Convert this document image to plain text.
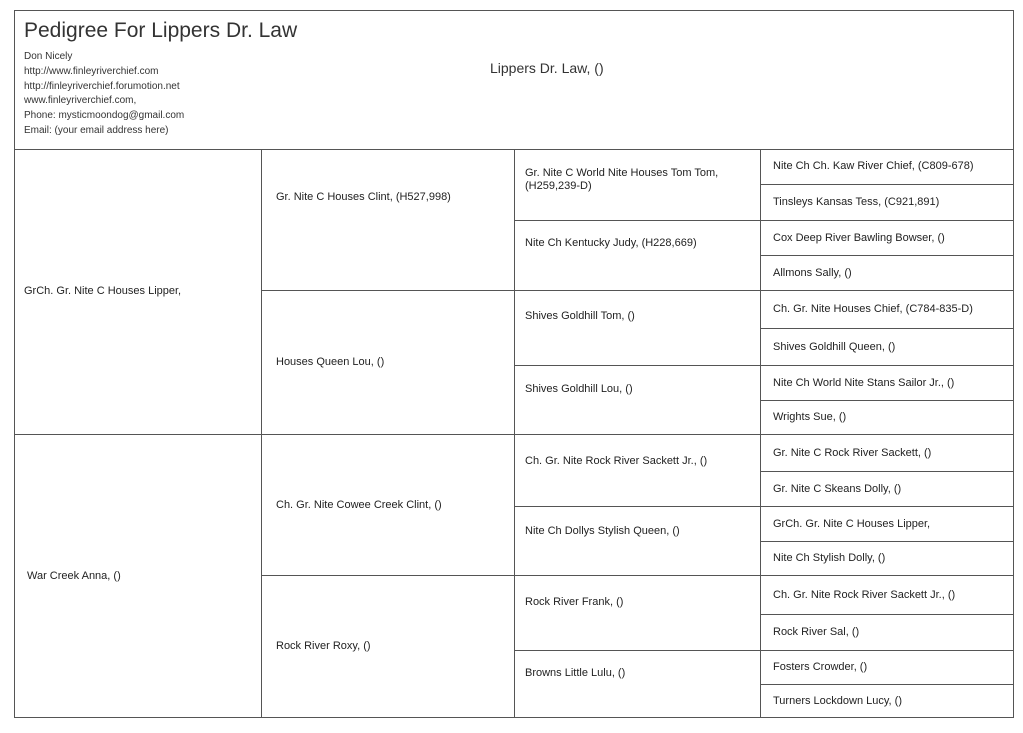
Pedigree For Lippers Dr. Law
Don Nicely
http://www.finleyriverchief.com
http://finleyriverchief.forumotion.net
www.finleyriverchief.com,
Phone: mysticmoondog@gmail.com
Email: (your email address here)
Lippers Dr. Law, ()
GrCh. Gr. Nite C Houses Lipper,
War Creek Anna, ()
Gr. Nite C Houses Clint, (H527,998)
Houses Queen Lou, ()
Ch. Gr. Nite Cowee Creek Clint, ()
Rock River Roxy, ()
Gr. Nite C World Nite Houses Tom Tom, (H259,239-D)
Nite Ch Kentucky Judy, (H228,669)
Shives Goldhill Tom, ()
Shives Goldhill Lou, ()
Ch. Gr. Nite Rock River Sackett Jr., ()
Nite Ch Dollys Stylish Queen, ()
Rock River Frank, ()
Browns Little Lulu, ()
Nite Ch Ch. Kaw River Chief, (C809-678)
Tinsleys Kansas Tess, (C921,891)
Cox Deep River Bawling Bowser, ()
Allmons Sally, ()
Ch. Gr. Nite Houses Chief, (C784-835-D)
Shives Goldhill Queen, ()
Nite Ch World Nite Stans Sailor Jr., ()
Wrights Sue, ()
Gr. Nite C Rock River Sackett, ()
Gr. Nite C Skeans Dolly, ()
GrCh. Gr. Nite C Houses Lipper,
Nite Ch Stylish Dolly, ()
Ch. Gr. Nite Rock River Sackett Jr., ()
Rock River Sal, ()
Fosters Crowder, ()
Turners Lockdown Lucy, ()
